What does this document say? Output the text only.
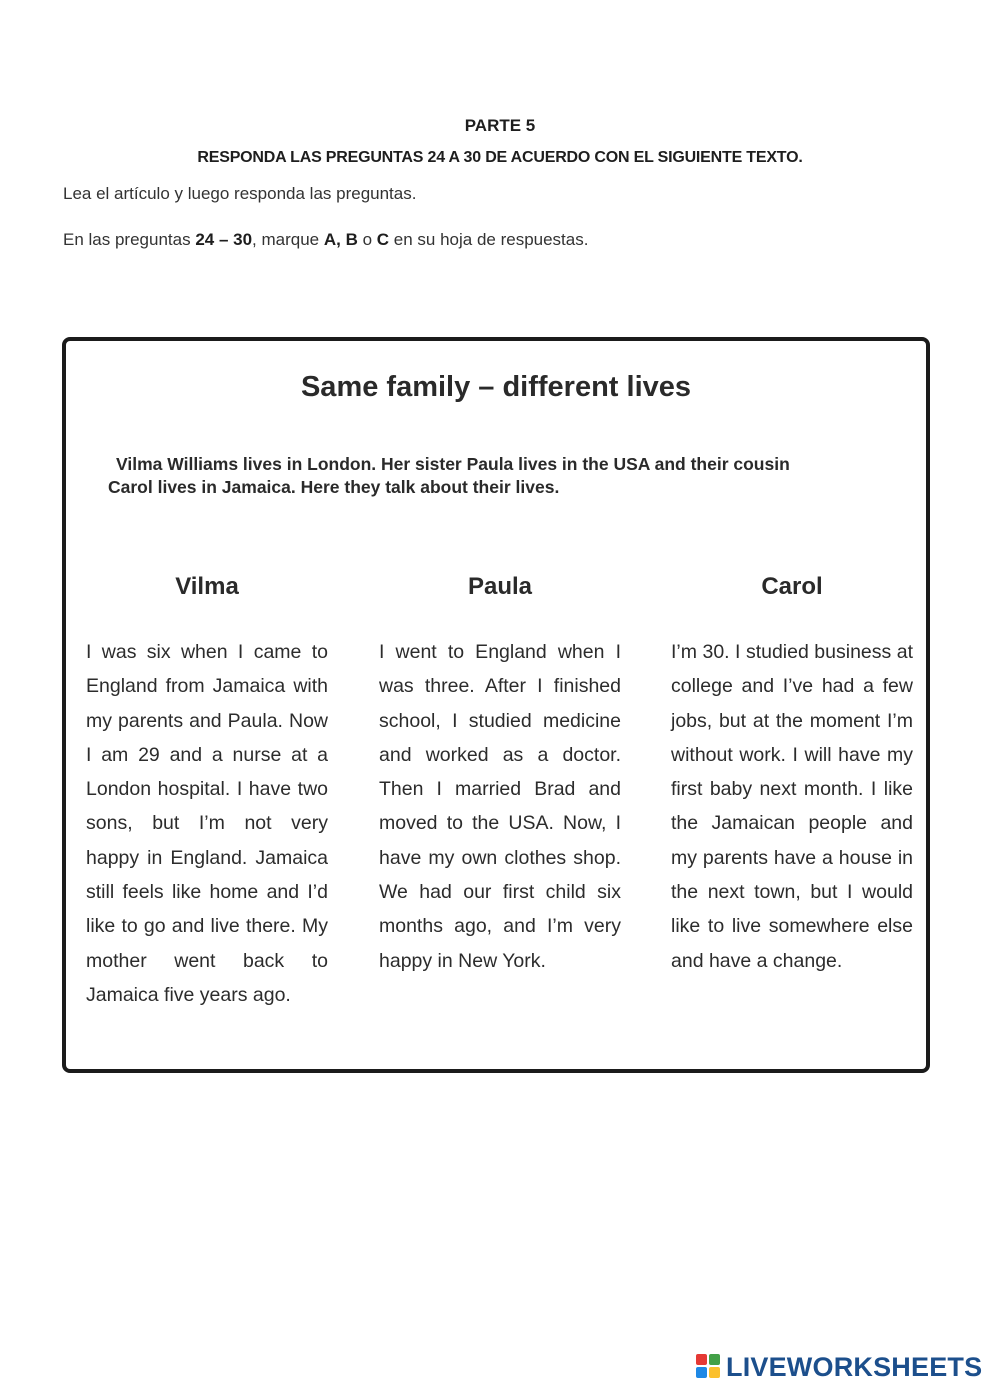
PARTE 5
RESPONDA LAS PREGUNTAS 24 A 30 DE ACUERDO CON EL SIGUIENTE TEXTO.
Lea el artículo y luego responda las preguntas.
En las preguntas 24 – 30, marque A, B o C en su hoja de respuestas.
Same family – different lives
Vilma Williams lives in London. Her sister Paula lives in the USA and their cousin
Carol lives in Jamaica. Here they talk about their lives.
Vilma
I was six when I came to England from Jamaica with my parents and Paula. Now I am 29 and a nurse at a London hospital. I have two sons, but I’m not very happy in England. Jamaica still feels like home and I’d like to go and live there. My mother went back to Jamaica five years ago.
Paula
I went to England when I was three. After I finished school, I studied medicine and worked as a doctor. Then I married Brad and moved to the USA. Now, I have my own clothes shop. We had our first child six months ago, and I’m very happy in New York.
Carol
I’m 30. I studied business at college and I’ve had a few jobs, but at the moment I’m without work. I will have my first baby next month. I like the Jamaican people and my parents have a house in the next town, but I would like to live somewhere else and have a change.
LIVEWORKSHEETS
